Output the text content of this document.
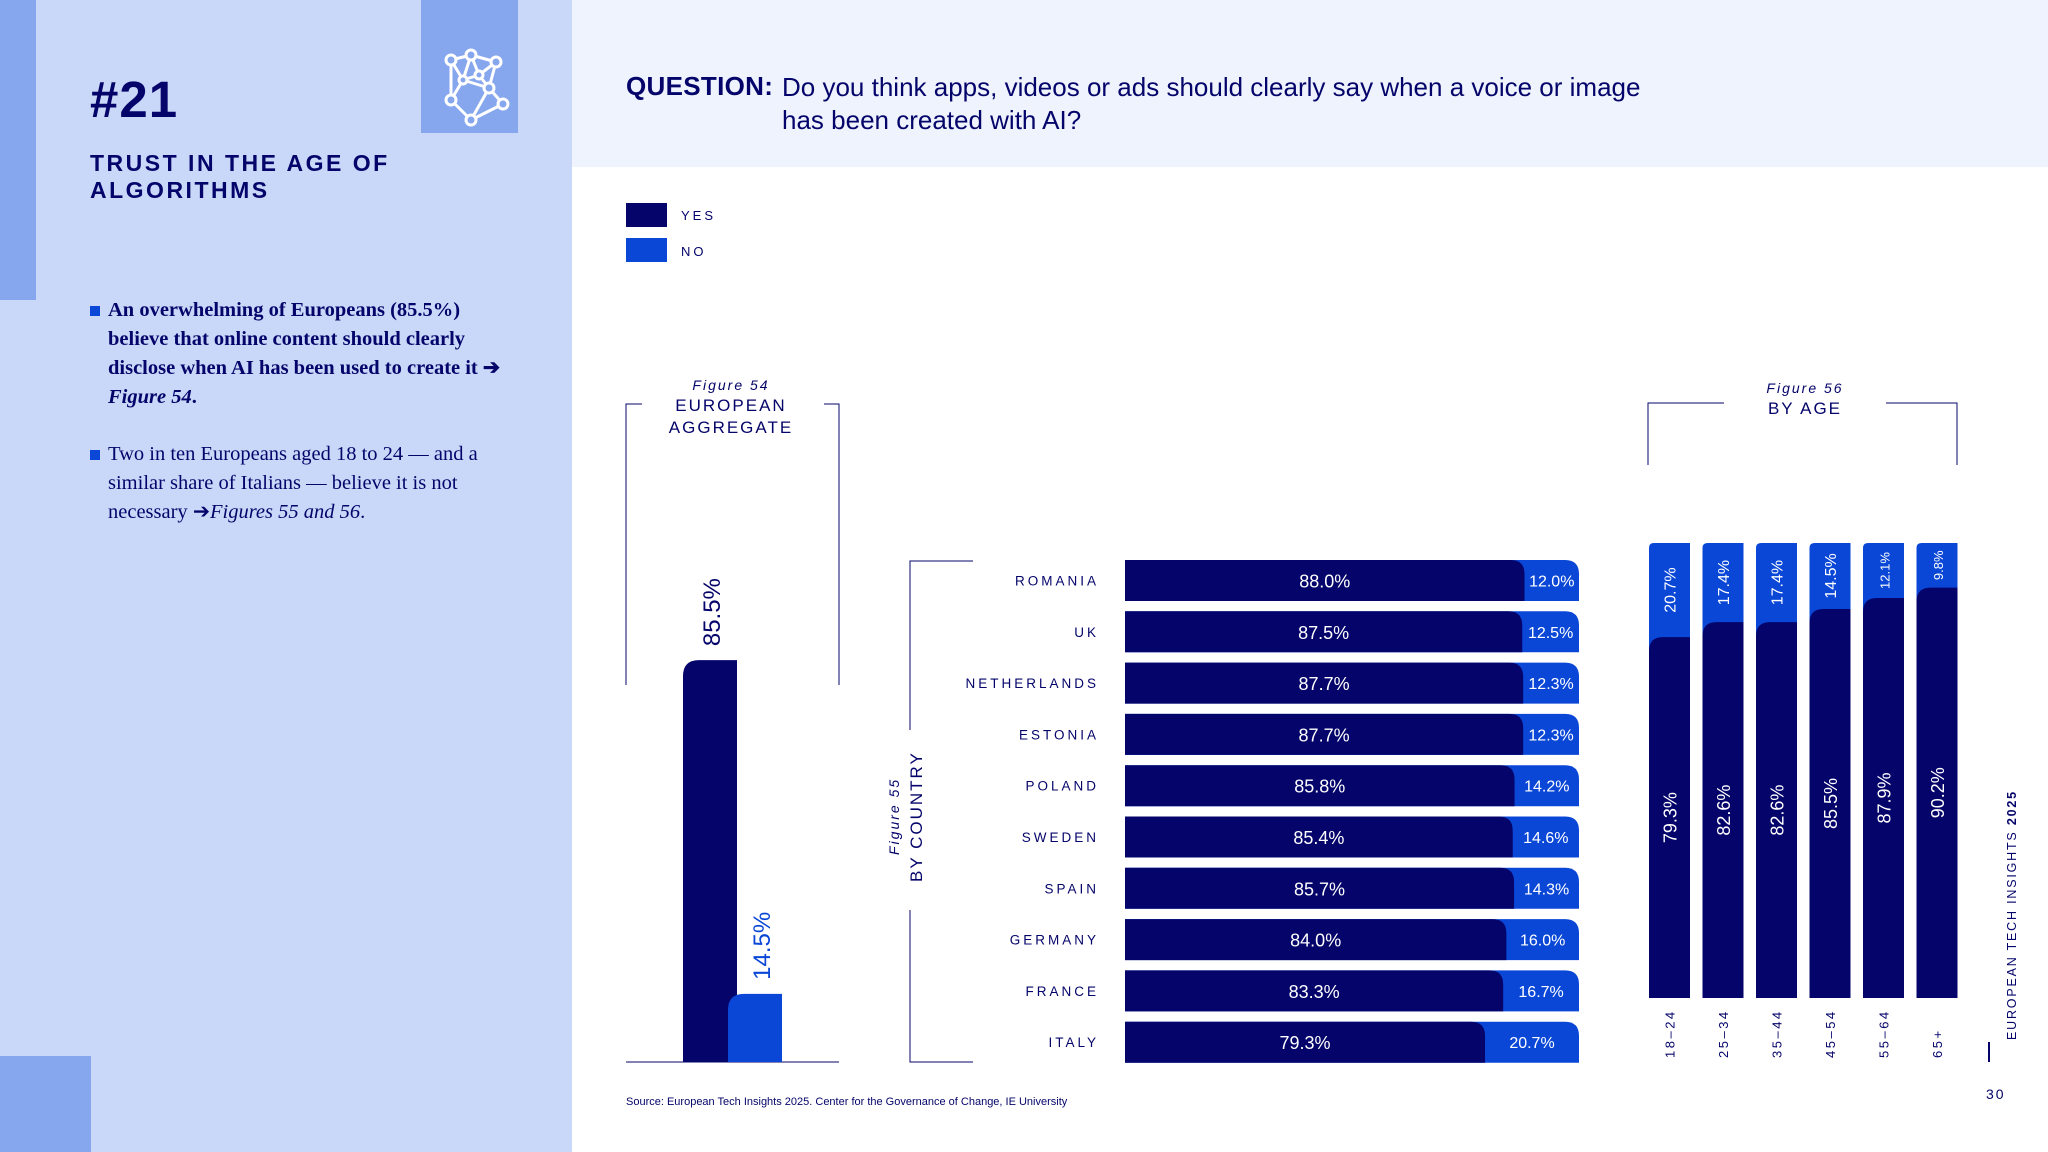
#21
TRUST IN THE AGE OF ALGORITHMS
An overwhelming of Europeans (85.5%) believe that online content should clearly disclose when AI has been used to create it ➔ Figure 54.
Two in ten Europeans aged 18 to 24 — and a similar share of Italians — believe it is not necessary ➔Figures 55 and 56.
QUESTION: Do you think apps, videos or ads should clearly say when a voice or image has been created with AI?
YES
NO
Figure 54
EUROPEAN
AGGREGATE
85.5%
14.5%
Figure 55 BY COUNTRY
ROMANIA	88.0%	12.0%
UK	87.5%	12.5%
NETHERLANDS	87.7%	12.3%
ESTONIA	87.7%	12.3%
POLAND	85.8%	14.2%
SWEDEN	85.4%	14.6%
SPAIN	85.7%	14.3%
GERMANY	84.0%	16.0%
FRANCE	83.3%	16.7%
ITALY	79.3%	20.7%
Figure 56
BY AGE
79.3%
20.7%
18–24
82.6%
17.4%
25–34
82.6%
17.4%
35–44
85.5%
14.5%
45–54
87.9%
12.1%
55–64
90.2%
9.8%
65+
Source: European Tech Insights 2025. Center for the Governance of Change, IE University	30
EUROPEAN TECH INSIGHTS 2025
